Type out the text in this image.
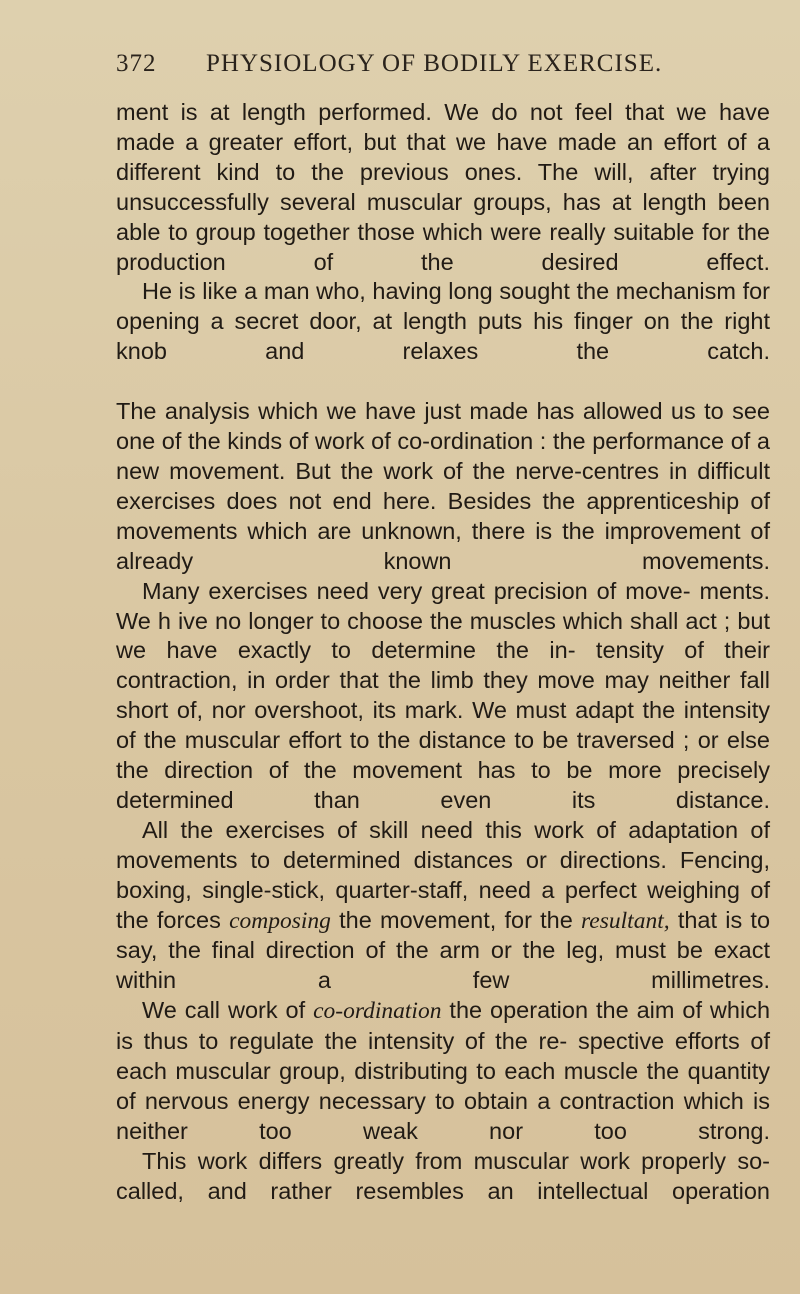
372 PHYSIOLOGY OF BODILY EXERCISE.

ment is at length performed. We do not feel that we have made a greater effort, but that we have made an effort of a different kind to the previous ones. The will, after trying unsuccessfully several muscular groups, has at length been able to group together those which were really suitable for the production of the desired effect.

He is like a man who, having long sought the mechanism for opening a secret door, at length puts his finger on the right knob and relaxes the catch.

The analysis which we have just made has allowed us to see one of the kinds of work of co-ordination : the performance of a new movement. But the work of the nerve-centres in difficult exercises does not end here. Besides the apprenticeship of movements which are unknown, there is the improvement of already known movements.

Many exercises need very great precision of move- ments. We h ive no longer to choose the muscles which shall act ; but we have exactly to determine the in- tensity of their contraction, in order that the limb they move may neither fall short of, nor overshoot, its mark. We must adapt the intensity of the muscular effort to the distance to be traversed ; or else the direction of the movement has to be more precisely determined than even its distance.

All the exercises of skill need this work of adaptation of movements to determined distances or directions. Fencing, boxing, single-stick, quarter-staff, need a perfect weighing of the forces composing the movement, for the resultant, that is to say, the final direction of the arm or the leg, must be exact within a few millimetres.

We call work of co-ordination the operation the aim of which is thus to regulate the intensity of the re- spective efforts of each muscular group, distributing to each muscle the quantity of nervous energy necessary to obtain a contraction which is neither too weak nor too strong.

This work differs greatly from muscular work properly so-called, and rather resembles an intellectual operation
